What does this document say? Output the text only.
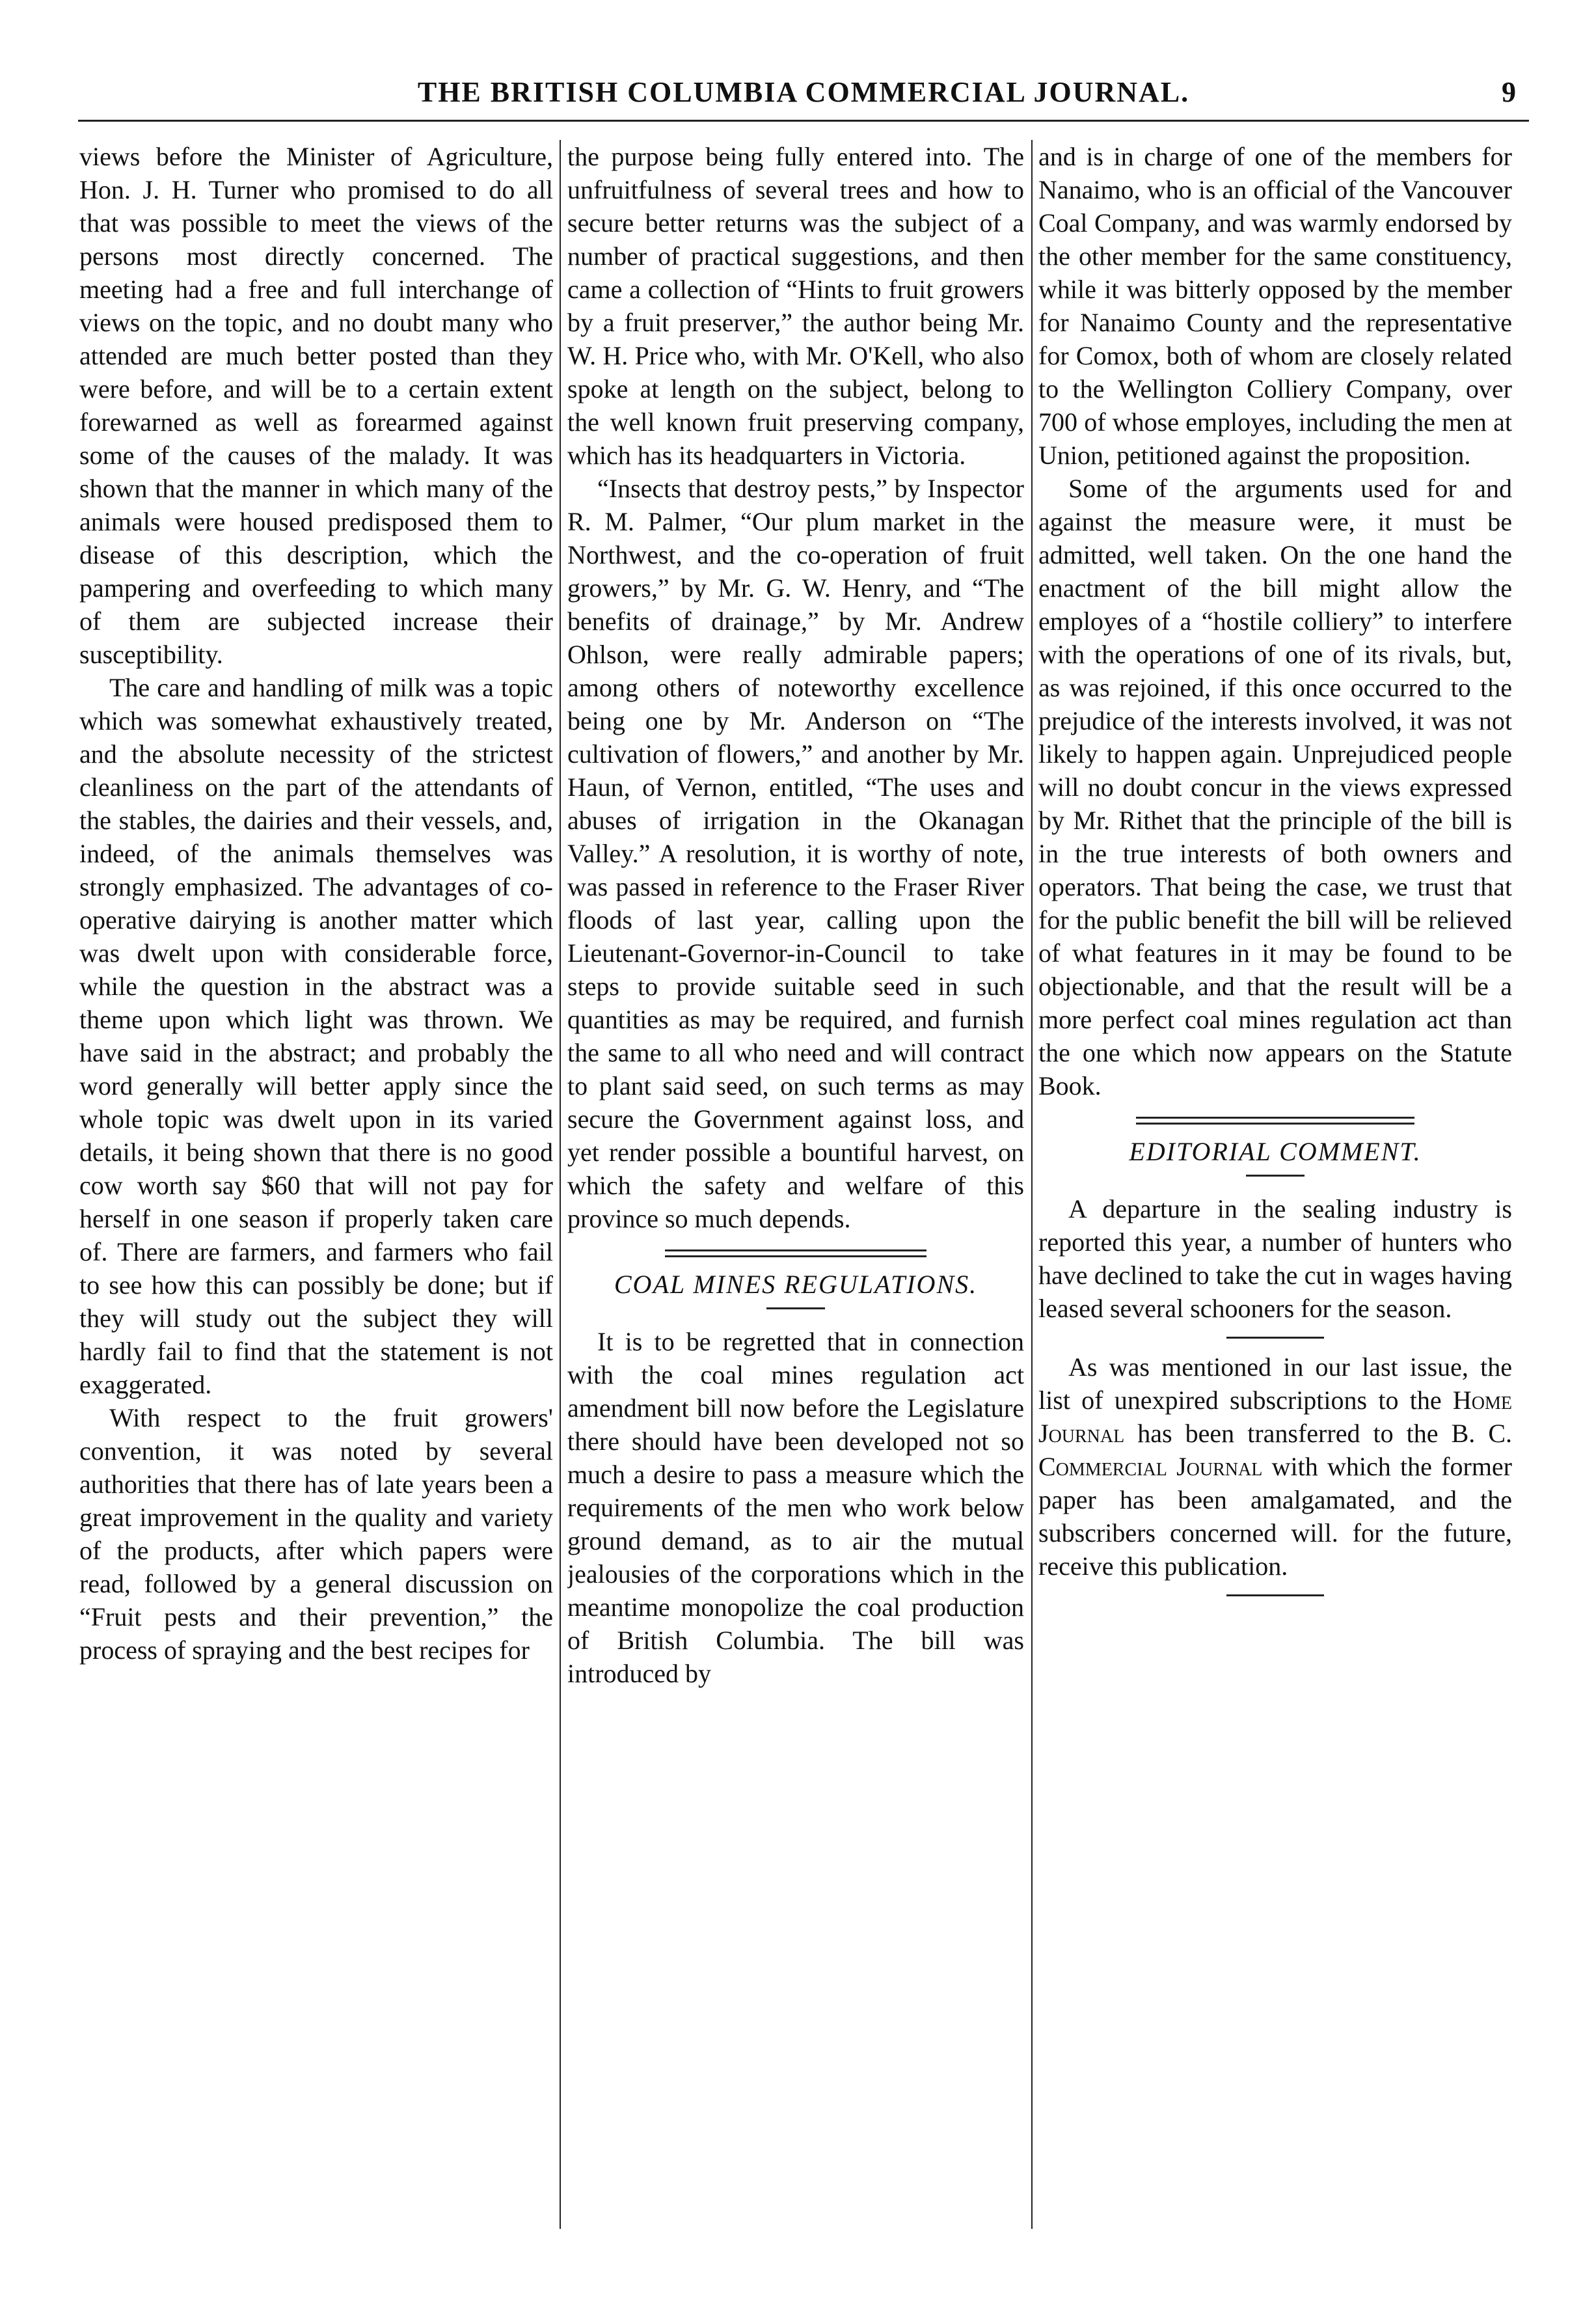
THE BRITISH COLUMBIA COMMERCIAL JOURNAL.	9

views before the Minister of Agriculture, Hon. J. H. Turner who promised to do all that was possible to meet the views of the persons most directly concerned. The meeting had a free and full interchange of views on the topic, and no doubt many who attended are much better posted than they were before, and will be to a certain extent forewarned as well as forearmed against some of the causes of the malady. It was shown that the manner in which many of the animals were housed predisposed them to disease of this description, which the pampering and overfeeding to which many of them are subjected increase their susceptibility.

The care and handling of milk was a topic which was somewhat exhaustively treated, and the absolute necessity of the strictest cleanliness on the part of the attendants of the stables, the dairies and their vessels, and, indeed, of the animals themselves was strongly emphasized. The advantages of co-operative dairying is another matter which was dwelt upon with considerable force, while the question in the abstract was a theme upon which light was thrown. We have said in the abstract; and probably the word generally will better apply since the whole topic was dwelt upon in its varied details, it being shown that there is no good cow worth say $60 that will not pay for herself in one season if properly taken care of. There are farmers, and farmers who fail to see how this can possibly be done; but if they will study out the subject they will hardly fail to find that the statement is not exaggerated.

With respect to the fruit growers' convention, it was noted by several authorities that there has of late years been a great improvement in the quality and variety of the products, after which papers were read, followed by a general discussion on “Fruit pests and their prevention,” the process of spraying and the best recipes for

the purpose being fully entered into. The unfruitfulness of several trees and how to secure better returns was the subject of a number of practical suggestions, and then came a collection of “Hints to fruit growers by a fruit preserver,” the author being Mr. W. H. Price who, with Mr. O'Kell, who also spoke at length on the subject, belong to the well known fruit preserving company, which has its headquarters in Victoria.

“Insects that destroy pests,” by Inspector R. M. Palmer, “Our plum market in the Northwest, and the co-operation of fruit growers,” by Mr. G. W. Henry, and “The benefits of drainage,” by Mr. Andrew Ohlson, were really admirable papers; among others of noteworthy excellence being one by Mr. Anderson on “The cultivation of flowers,” and another by Mr. Haun, of Vernon, entitled, “The uses and abuses of irrigation in the Okanagan Valley.” A resolution, it is worthy of note, was passed in reference to the Fraser River floods of last year, calling upon the Lieutenant-Governor-in-Council to take steps to provide suitable seed in such quantities as may be required, and furnish the same to all who need and will contract to plant said seed, on such terms as may secure the Government against loss, and yet render possible a bountiful harvest, on which the safety and welfare of this province so much depends.

COAL MINES REGULATIONS.

It is to be regretted that in connection with the coal mines regulation act amendment bill now before the Legislature there should have been developed not so much a desire to pass a measure which the requirements of the men who work below ground demand, as to air the mutual jealousies of the corporations which in the meantime monopolize the coal production of British Columbia. The bill was introduced by

and is in charge of one of the members for Nanaimo, who is an official of the Vancouver Coal Company, and was warmly endorsed by the other member for the same constituency, while it was bitterly opposed by the member for Nanaimo County and the representative for Comox, both of whom are closely related to the Wellington Colliery Company, over 700 of whose employes, including the men at Union, petitioned against the proposition.

Some of the arguments used for and against the measure were, it must be admitted, well taken. On the one hand the enactment of the bill might allow the employes of a “hostile colliery” to interfere with the operations of one of its rivals, but, as was rejoined, if this once occurred to the prejudice of the interests involved, it was not likely to happen again. Unprejudiced people will no doubt concur in the views expressed by Mr. Rithet that the principle of the bill is in the true interests of both owners and operators. That being the case, we trust that for the public benefit the bill will be relieved of what features in it may be found to be objectionable, and that the result will be a more perfect coal mines regulation act than the one which now appears on the Statute Book.

EDITORIAL COMMENT.

A departure in the sealing industry is reported this year, a number of hunters who have declined to take the cut in wages having leased several schooners for the season.

As was mentioned in our last issue, the list of unexpired subscriptions to the Home Journal has been transferred to the B. C. Commercial Journal with which the former paper has been amalgamated, and the subscribers concerned will. for the future, receive this publication.
